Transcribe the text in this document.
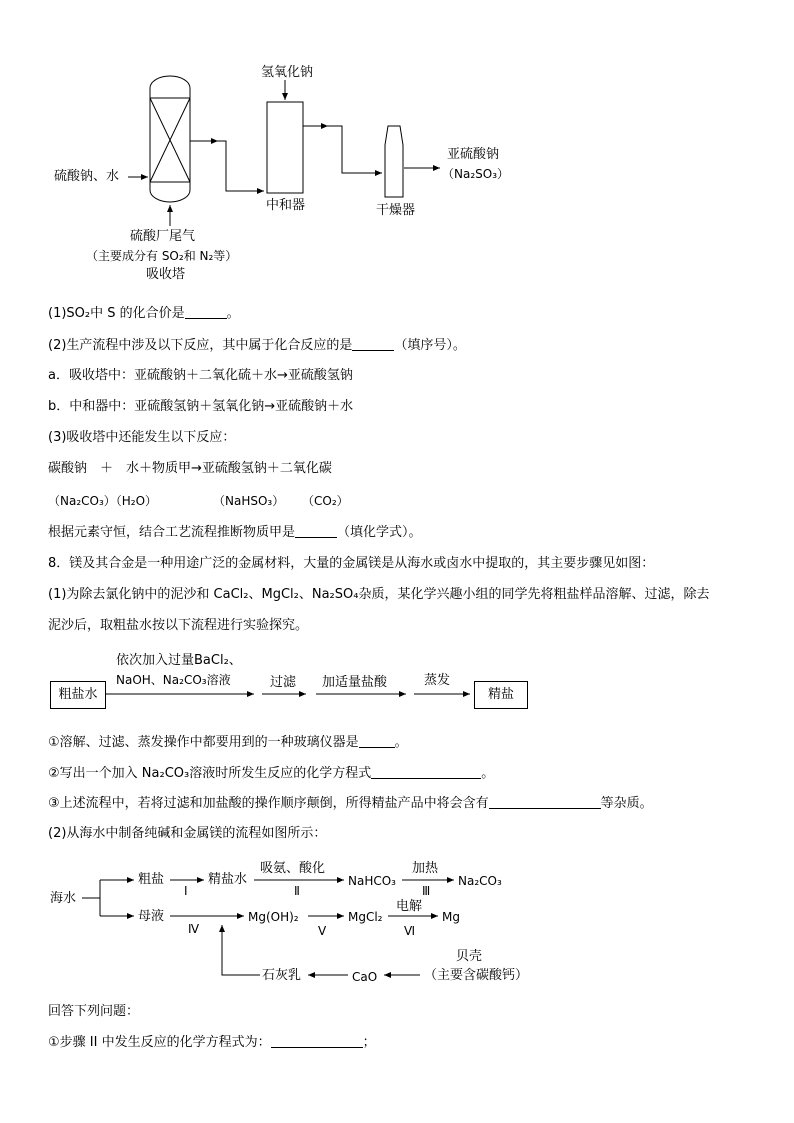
氢氧化钠
硫酸钠、水
中和器	干燥器
亚硫酸钠
（Na₂SO₃）
硫酸厂尾气
（主要成分有 SO₂和 N₂等）
吸收塔
(1)SO₂中 S 的化合价是	。
(2)生产流程中涉及以下反应，其中属于化合反应的是	（填序号）。
a．吸收塔中：亚硫酸钠＋二氧化硫＋水→亚硫酸氢钠
b．中和器中：亚硫酸氢钠＋氢氧化钠→亚硫酸钠＋水
(3)吸收塔中还能发生以下反应：
碳酸钠　＋　水＋物质甲→亚硫酸氢钠＋二氧化碳
（Na₂CO₃）（H₂O）	（NaHSO₃） （CO₂）
根据元素守恒，结合工艺流程推断物质甲是	（填化学式）。
8．镁及其合金是一种用途广泛的金属材料，大量的金属镁是从海水或卤水中提取的，其主要步骤见如图：
(1)为除去氯化钠中的泥沙和 CaCl₂、MgCl₂、Na₂SO₄杂质，某化学兴趣小组的同学先将粗盐样品溶解、过滤，除去
泥沙后，取粗盐水按以下流程进行实验探究。
粗盐水
依次加入过量BaCl₂、
NaOH、Na₂CO₃溶液	过滤 加适量盐酸	蒸发
精盐
①溶解、过滤、蒸发操作中都要用到的一种玻璃仪器是	。
②写出一个加入 Na₂CO₃溶液时所发生反应的化学方程式	。
③上述流程中，若将过滤和加盐酸的操作顺序颠倒，所得精盐产品中将会含有	等杂质。
(2)从海水中制备纯碱和金属镁的流程如图所示：
海水
粗盐
Ⅰ
精盐水
吸氨、酸化
Ⅱ
NaHCO₃
加热
Ⅲ
Na₂CO₃
母液
Ⅳ
Mg(OH)₂
Ⅴ
MgCl₂
电解
Ⅵ
Mg
石灰乳	CaO
贝壳
（主要含碳酸钙）
回答下列问题：
①步骤 II 中发生反应的化学方程式为：	；
